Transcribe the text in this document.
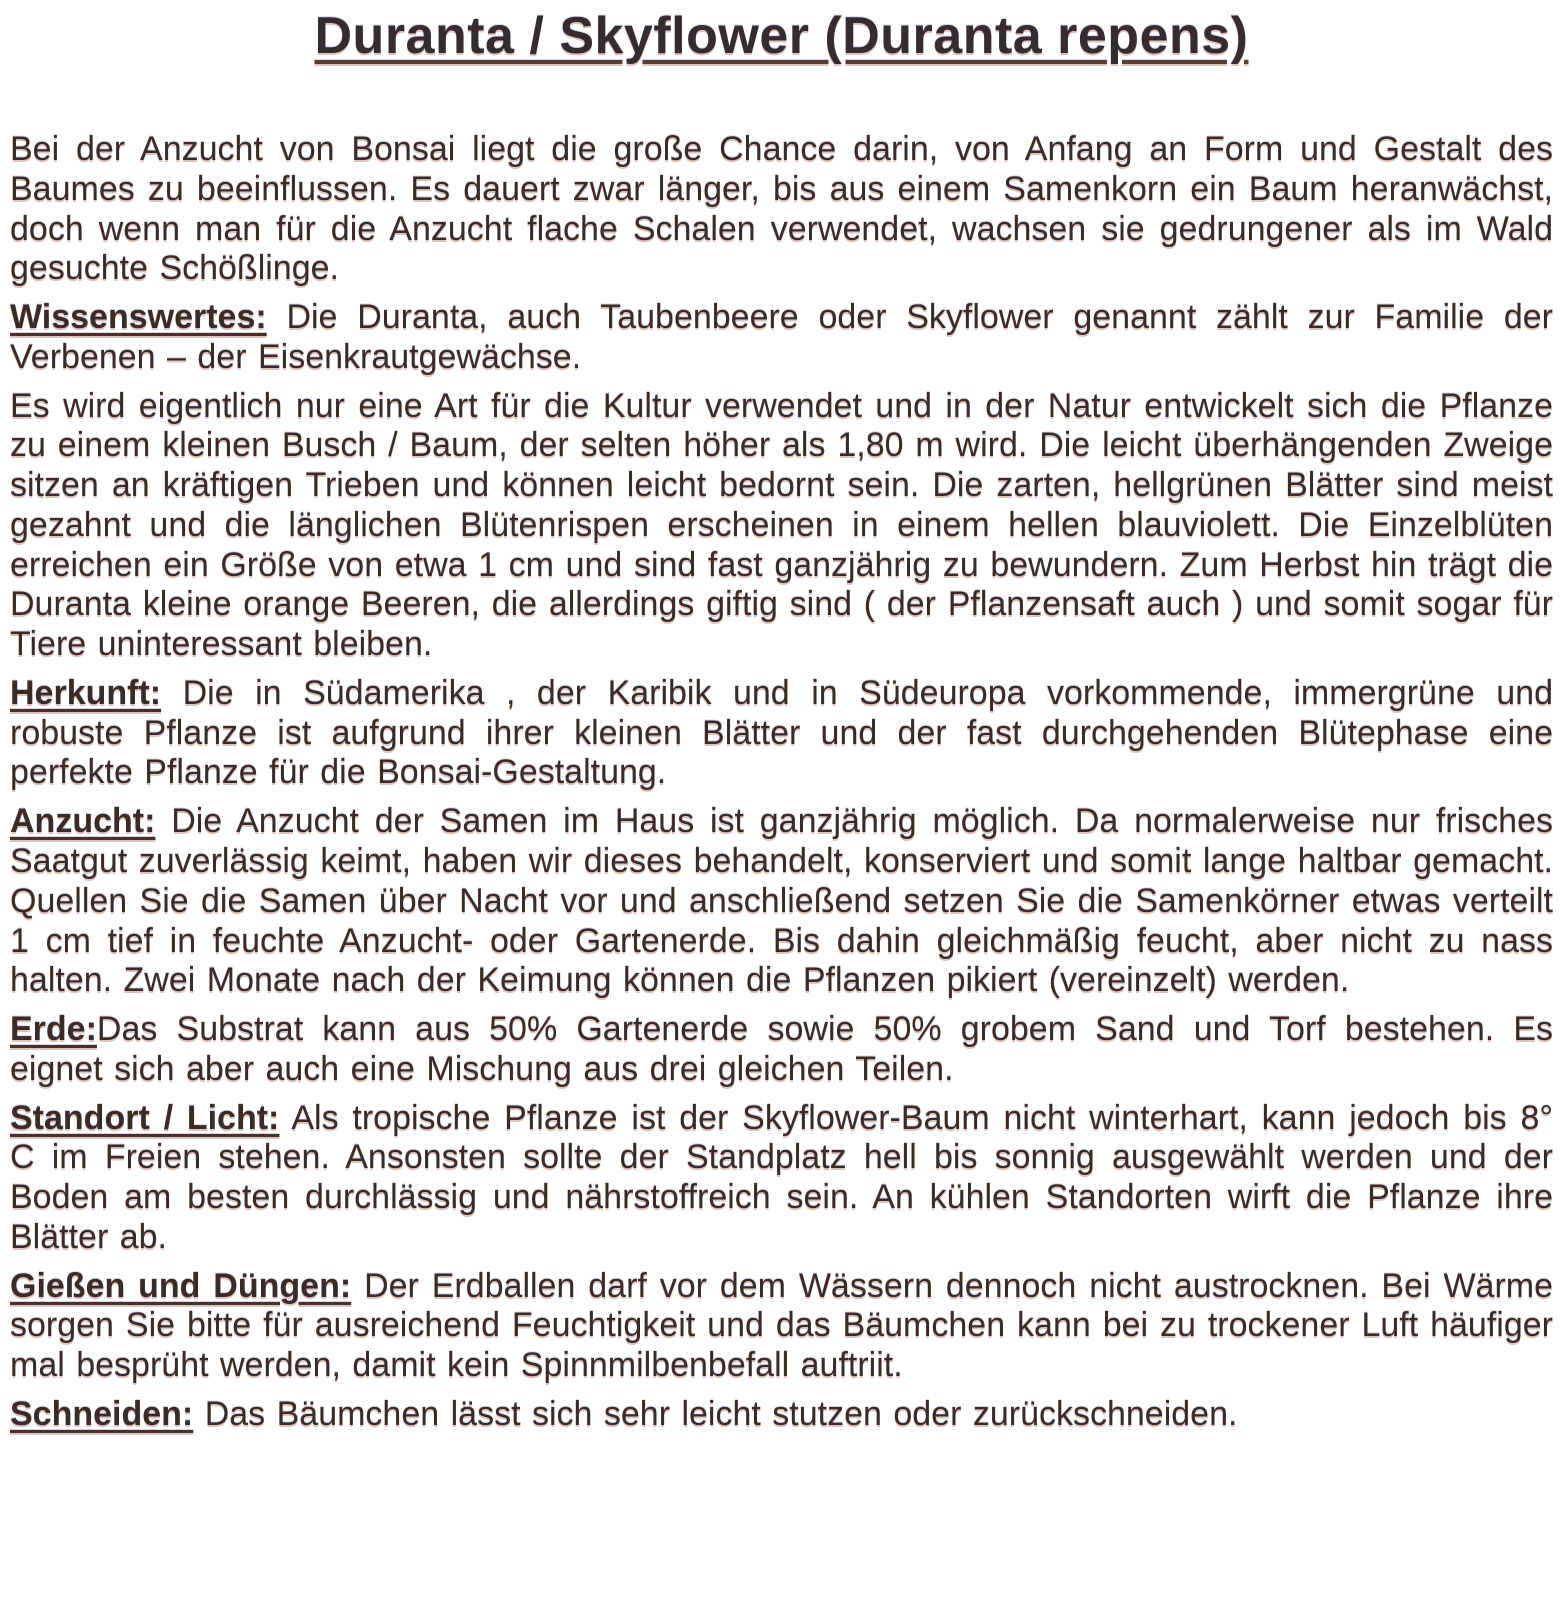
Duranta / Skyflower (Duranta repens)

Bei der Anzucht von Bonsai liegt die große Chance darin, von Anfang an Form und Gestalt des Baumes zu beeinflussen. Es dauert zwar länger, bis aus einem Samenkorn ein Baum heranwächst, doch wenn man für die Anzucht flache Schalen verwendet, wachsen sie gedrungener als im Wald gesuchte Schößlinge.

Wissenswertes: Die Duranta, auch Taubenbeere oder Skyflower genannt zählt zur Familie der Verbenen – der Eisenkrautgewächse.

Es wird eigentlich nur eine Art für die Kultur verwendet und in der Natur entwickelt sich die Pflanze zu einem kleinen Busch / Baum, der selten höher als 1,80 m wird. Die leicht überhängenden Zweige sitzen an kräftigen Trieben und können leicht bedornt sein. Die zarten, hellgrünen Blätter sind meist gezahnt und die länglichen Blütenrispen erscheinen in einem hellen blauviolett. Die Einzelblüten erreichen ein Größe von etwa 1 cm und sind fast ganzjährig zu bewundern. Zum Herbst hin trägt die Duranta kleine orange Beeren, die allerdings giftig sind ( der Pflanzensaft auch ) und somit sogar für Tiere uninteressant bleiben.

Herkunft: Die in Südamerika , der Karibik und in Südeuropa vorkommende, immergrüne und robuste Pflanze ist aufgrund ihrer kleinen Blätter und der fast durchgehenden Blütephase eine perfekte Pflanze für die Bonsai-Gestaltung.

Anzucht: Die Anzucht der Samen im Haus ist ganzjährig möglich. Da normalerweise nur frisches Saatgut zuverlässig keimt, haben wir dieses behandelt, konserviert und somit lange haltbar gemacht. Quellen Sie die Samen über Nacht vor und anschließend setzen Sie die Samenkörner etwas verteilt 1 cm tief in feuchte Anzucht- oder Gartenerde. Bis dahin gleichmäßig feucht, aber nicht zu nass halten. Zwei Monate nach der Keimung können die Pflanzen pikiert (vereinzelt) werden.

Erde:Das Substrat kann aus 50% Gartenerde sowie 50% grobem Sand und Torf bestehen. Es eignet sich aber auch eine Mischung aus drei gleichen Teilen.

Standort / Licht: Als tropische Pflanze ist der Skyflower-Baum nicht winterhart, kann jedoch bis 8° C im Freien stehen. Ansonsten sollte der Standplatz hell bis sonnig ausgewählt werden und der Boden am besten durchlässig und nährstoffreich sein. An kühlen Standorten wirft die Pflanze ihre Blätter ab.

Gießen und Düngen: Der Erdballen darf vor dem Wässern dennoch nicht austrocknen. Bei Wärme sorgen Sie bitte für ausreichend Feuchtigkeit und das Bäumchen kann bei zu trockener Luft häufiger mal besprüht werden, damit kein Spinnmilbenbefall auftriit.

Schneiden: Das Bäumchen lässt sich sehr leicht stutzen oder zurückschneiden.
